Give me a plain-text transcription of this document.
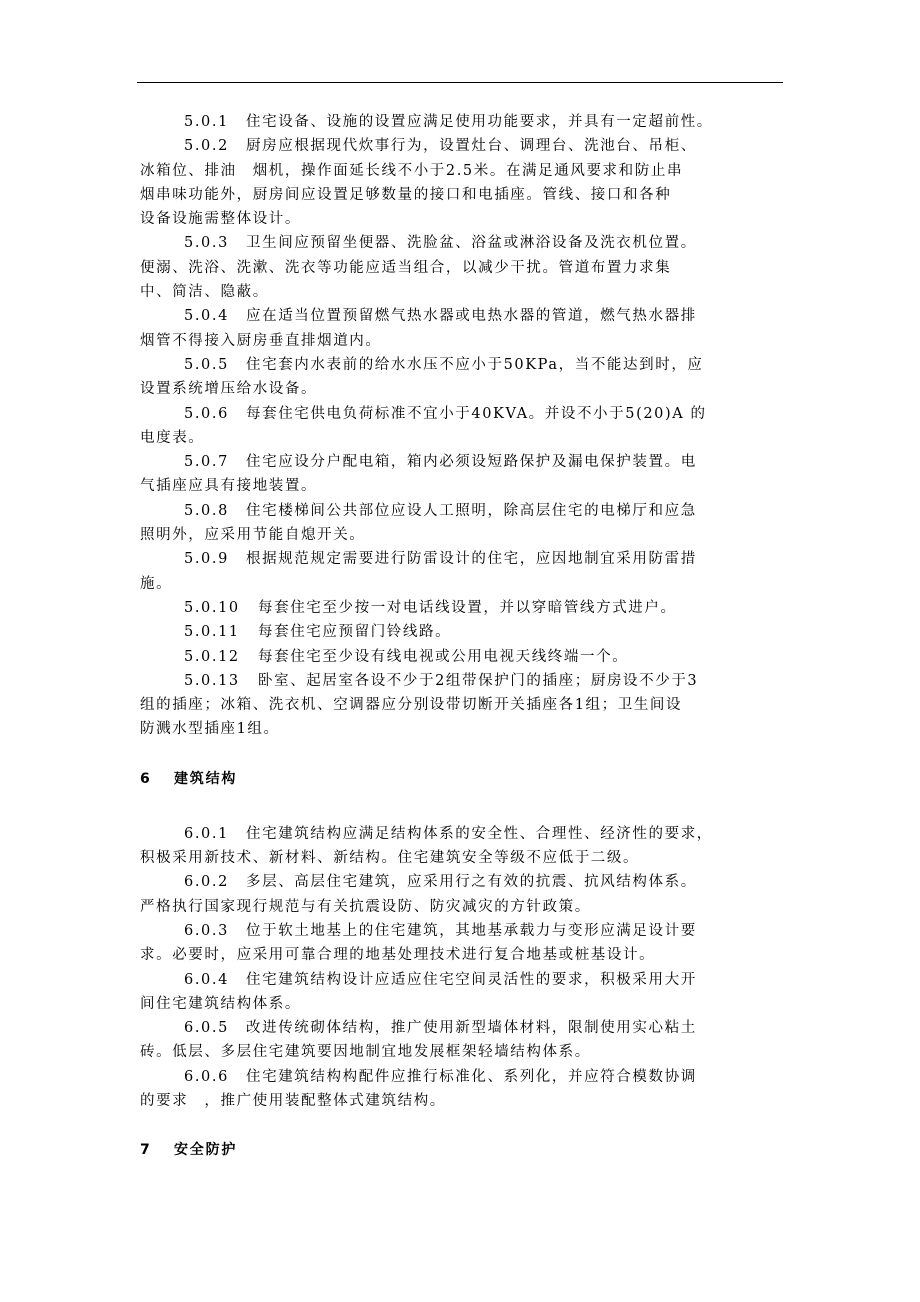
5.0.1 住宅设备、设施的设置应满足使用功能要求，并具有一定超前性。

5.0.2 厨房应根据现代炊事行为，设置灶台、调理台、洗池台、吊柜、
冰箱位、排油　烟机，操作面延长线不小于2.5米。在满足通风要求和防止串
烟串味功能外，厨房间应设置足够数量的接口和电插座。管线、接口和各种
设备设施需整体设计。

5.0.3 卫生间应预留坐便器、洗脸盆、浴盆或淋浴设备及洗衣机位置。
便溺、洗浴、洗漱、洗衣等功能应适当组合，以减少干扰。管道布置力求集
中、简洁、隐蔽。

5.0.4 应在适当位置预留燃气热水器或电热水器的管道，燃气热水器排
烟管不得接入厨房垂直排烟道内。

5.0.5 住宅套内水表前的给水水压不应小于50KPa，当不能达到时，应
设置系统增压给水设备。

5.0.6 每套住宅供电负荷标准不宜小于40KVA。并设不小于5(20)A 的
电度表。

5.0.7 住宅应设分户配电箱，箱内必须设短路保护及漏电保护装置。电
气插座应具有接地装置。

5.0.8 住宅楼梯间公共部位应设人工照明，除高层住宅的电梯厅和应急
照明外，应采用节能自熄开关。

5.0.9 根据规范规定需要进行防雷设计的住宅，应因地制宜采用防雷措
施。

5.0.10 每套住宅至少按一对电话线设置，并以穿暗管线方式进户。

5.0.11 每套住宅应预留门铃线路。

5.0.12 每套住宅至少设有线电视或公用电视天线终端一个。

5.0.13 卧室、起居室各设不少于2组带保护门的插座；厨房设不少于3
组的插座；冰箱、洗衣机、空调器应分别设带切断开关插座各1组；卫生间设
防溅水型插座1组。

6 建筑结构

6.0.1 住宅建筑结构应满足结构体系的安全性、合理性、经济性的要求，
积极采用新技术、新材料、新结构。住宅建筑安全等级不应低于二级。

6.0.2 多层、高层住宅建筑，应采用行之有效的抗震、抗风结构体系。
严格执行国家现行规范与有关抗震设防、防灾减灾的方针政策。

6.0.3 位于软土地基上的住宅建筑，其地基承载力与变形应满足设计要
求。必要时，应采用可靠合理的地基处理技术进行复合地基或桩基设计。

6.0.4 住宅建筑结构设计应适应住宅空间灵活性的要求，积极采用大开
间住宅建筑结构体系。

6.0.5 改进传统砌体结构，推广使用新型墙体材料，限制使用实心粘土
砖。低层、多层住宅建筑要因地制宜地发展框架轻墙结构体系。

6.0.6 住宅建筑结构构配件应推行标准化、系列化，并应符合模数协调
的要求　，推广使用装配整体式建筑结构。

7 安全防护
